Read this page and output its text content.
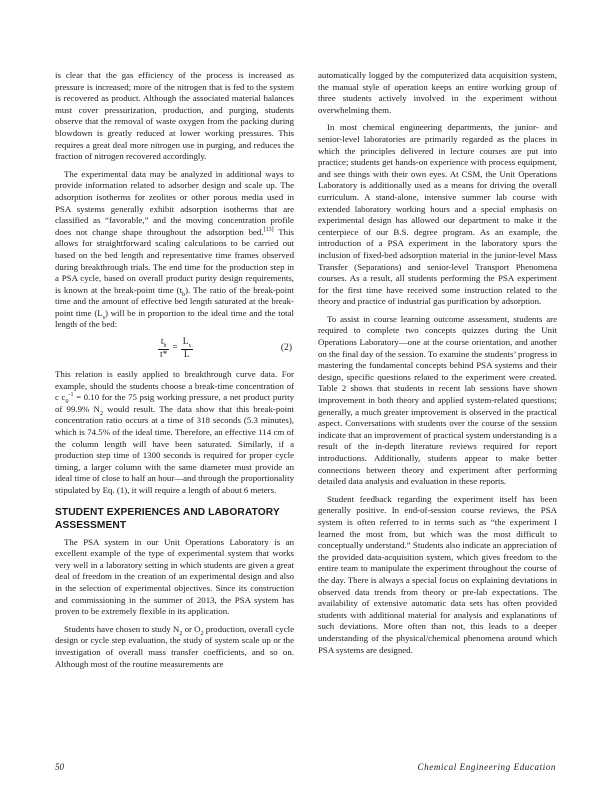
is clear that the gas efficiency of the process is increased as pressure is increased; more of the nitrogen that is fed to the system is recovered as product. Although the associated material balances must cover pressurization, production, and purging, students observe that the removal of waste oxygen from the packing during blowdown is greatly reduced at lower working pressures. This requires a great deal more nitrogen use in purging, and reduces the fraction of nitrogen recovered accordingly.

The experimental data may be analyzed in additional ways to provide information related to adsorber design and scale up. The adsorption isotherms for zeolites or other porous media used in PSA systems generally exhibit adsorption isotherms that are classified as “favorable,” and the moving concentration profile does not change shape throughout the adsorption bed.[13] This allows for straightforward scaling calculations to be carried out based on the bed length and representative time frames observed during breakthrough trials. The end time for the production step in a PSA cycle, based on overall product purity design requirements, is known at the break-point time $(t_b)$. The ratio of the break-point time and the amount of effective bed length saturated at the break-point time $(L_s)$ will be in proportion to the ideal time and the total length of the bed:

$t_b$	=	$L_s$
t*		L
(2)

This relation is easily applied to breakthrough curve data. For example, should the students choose a break-time concentration of c $c_0^{-1} = 0.10$ for the 75 psig working pressure, a net product purity of 99.9% $N_2$ would result. The data show that this break-point concentration ratio occurs at a time of 318 seconds (5.3 minutes), which is 74.5% of the ideal time. Therefore, an effective 114 cm of the column length will have been saturated. Similarly, if a production step time of 1300 seconds is required for proper cycle timing, a larger column with the same diameter must provide an ideal time of close to half an hour—and through the proportionality stipulated by Eq. (1), it will require a length of about 6 meters.

STUDENT EXPERIENCES AND LABORATORY ASSESSMENT

The PSA system in our Unit Operations Laboratory is an excellent example of the type of experimental system that works very well in a laboratory setting in which students are given a great deal of freedom in the creation of an experimental design and also in the selection of experimental objectives. Since its construction and commissioning in the summer of 2013, the PSA system has proven to be extremely flexible in its application.

Students have chosen to study $N_2$ or $O_2$ production, overall cycle design or cycle step evaluation, the study of system scale up or the investigation of overall mass transfer coefficients, and so on. Although most of the routine measurements are

automatically logged by the computerized data acquisition system, the manual style of operation keeps an entire working group of three students actively involved in the experiment without overwhelming them.

In most chemical engineering departments, the junior- and senior-level laboratories are primarily regarded as the places in which the principles delivered in lecture courses are put into practice; students get hands-on experience with process equipment, and see things with their own eyes. At CSM, the Unit Operations Laboratory is additionally used as a means for driving the overall curriculum. A stand-alone, intensive summer lab course with extended laboratory working hours and a special emphasis on experimental design has allowed our department to make it the centerpiece of our B.S. degree program. As an example, the introduction of a PSA experiment in the laboratory spurs the inclusion of fixed-bed adsorption material in the junior-level Mass Transfer (Separations) and senior-level Transport Phenomena courses. As a result, all students performing the PSA experiment for the first time have received some instruction related to the theory and practice of industrial gas purification by adsorption.

To assist in course learning outcome assessment, students are required to complete two concepts quizzes during the Unit Operations Laboratory—one at the course orientation, and another on the final day of the session. To examine the students’ progress in mastering the fundamental concepts behind PSA systems and their design, specific questions related to the experiment were created. Table 2 shows that students in recent lab sessions have shown improvement in both theory and applied system-related questions; generally, a much greater improvement is observed in the practical aspect. Conversations with students over the course of the session indicate that an improvement of practical system understanding is a result of the in-depth literature reviews required for report introductions. Additionally, students appear to make better connections between theory and experiment after performing detailed data analysis and evaluation in these reports.

Student feedback regarding the experiment itself has been generally positive. In end-of-session course reviews, the PSA system is often referred to in terms such as “the experiment I learned the most from, but which was the most difficult to conceptually understand.” Students also indicate an appreciation of the provided data-acquisition system, which gives freedom to the entire team to manipulate the experiment throughout the course of the day. There is always a special focus on explaining deviations in observed data trends from theory or pre-lab expectations. The availability of extensive automatic data sets has often provided students with additional material for analysis and explanations of such deviations. More often than not, this leads to a deeper understanding of the physical/chemical phenomena around which PSA systems are designed.

50	Chemical Engineering Education
